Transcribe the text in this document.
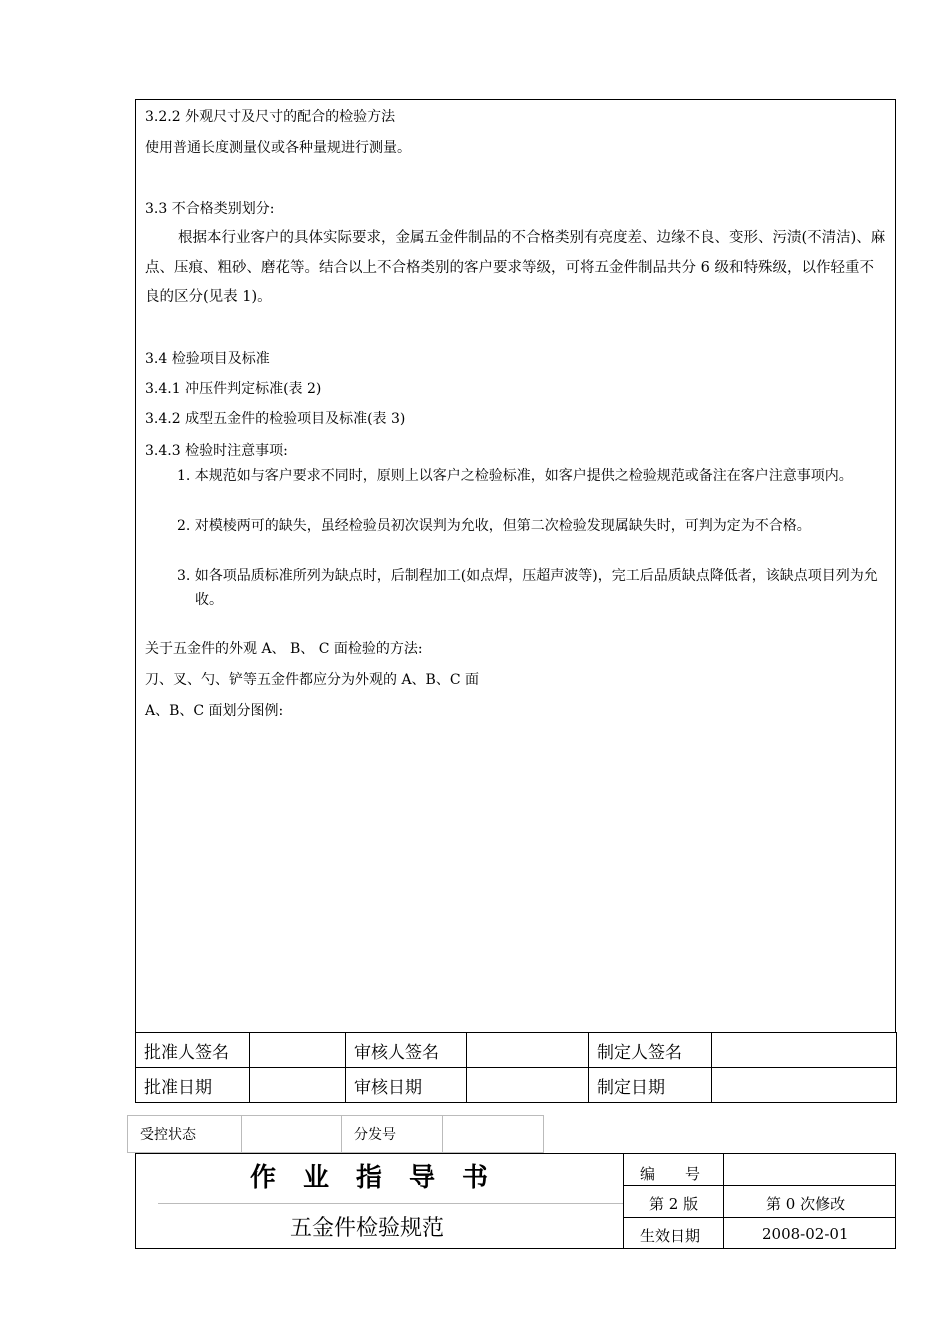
3.2.2 外观尺寸及尺寸的配合的检验方法
使用普通长度测量仪或各种量规进行测量。
3.3 不合格类别划分:
根据本行业客户的具体实际要求，金属五金件制品的不合格类别有亮度差、边缘不良、变形、污渍(不清洁)、麻点、压痕、粗砂、磨花等。结合以上不合格类别的客户要求等级，可将五金件制品共分 6 级和特殊级，以作轻重不良的区分(见表 1)。
3.4 检验项目及标准
3.4.1 冲压件判定标准(表 2)
3.4.2 成型五金件的检验项目及标准(表 3)
3.4.3 检验时注意事项:
1. 本规范如与客户要求不同时，原则上以客户之检验标准，如客户提供之检验规范或备注在客户注意事项内。
2. 对模棱两可的缺失，虽经检验员初次误判为允收，但第二次检验发现属缺失时，可判为定为不合格。
3. 如各项品质标准所列为缺点时，后制程加工(如点焊，压超声波等)，完工后品质缺点降低者，该缺点项目列为允收。
关于五金件的外观 A、 B、 C 面检验的方法:
刀、叉、勺、铲等五金件都应分为外观的 A、B、C 面
A、B、C 面划分图例:
批准人签名		审核人签名		制定人签名	
批准日期		审核日期		制定日期	
受控状态		分发号	
作业指导书
五金件检验规范
编　　号
第 2 版	第 0 次修改
生效日期	2008-02-01
